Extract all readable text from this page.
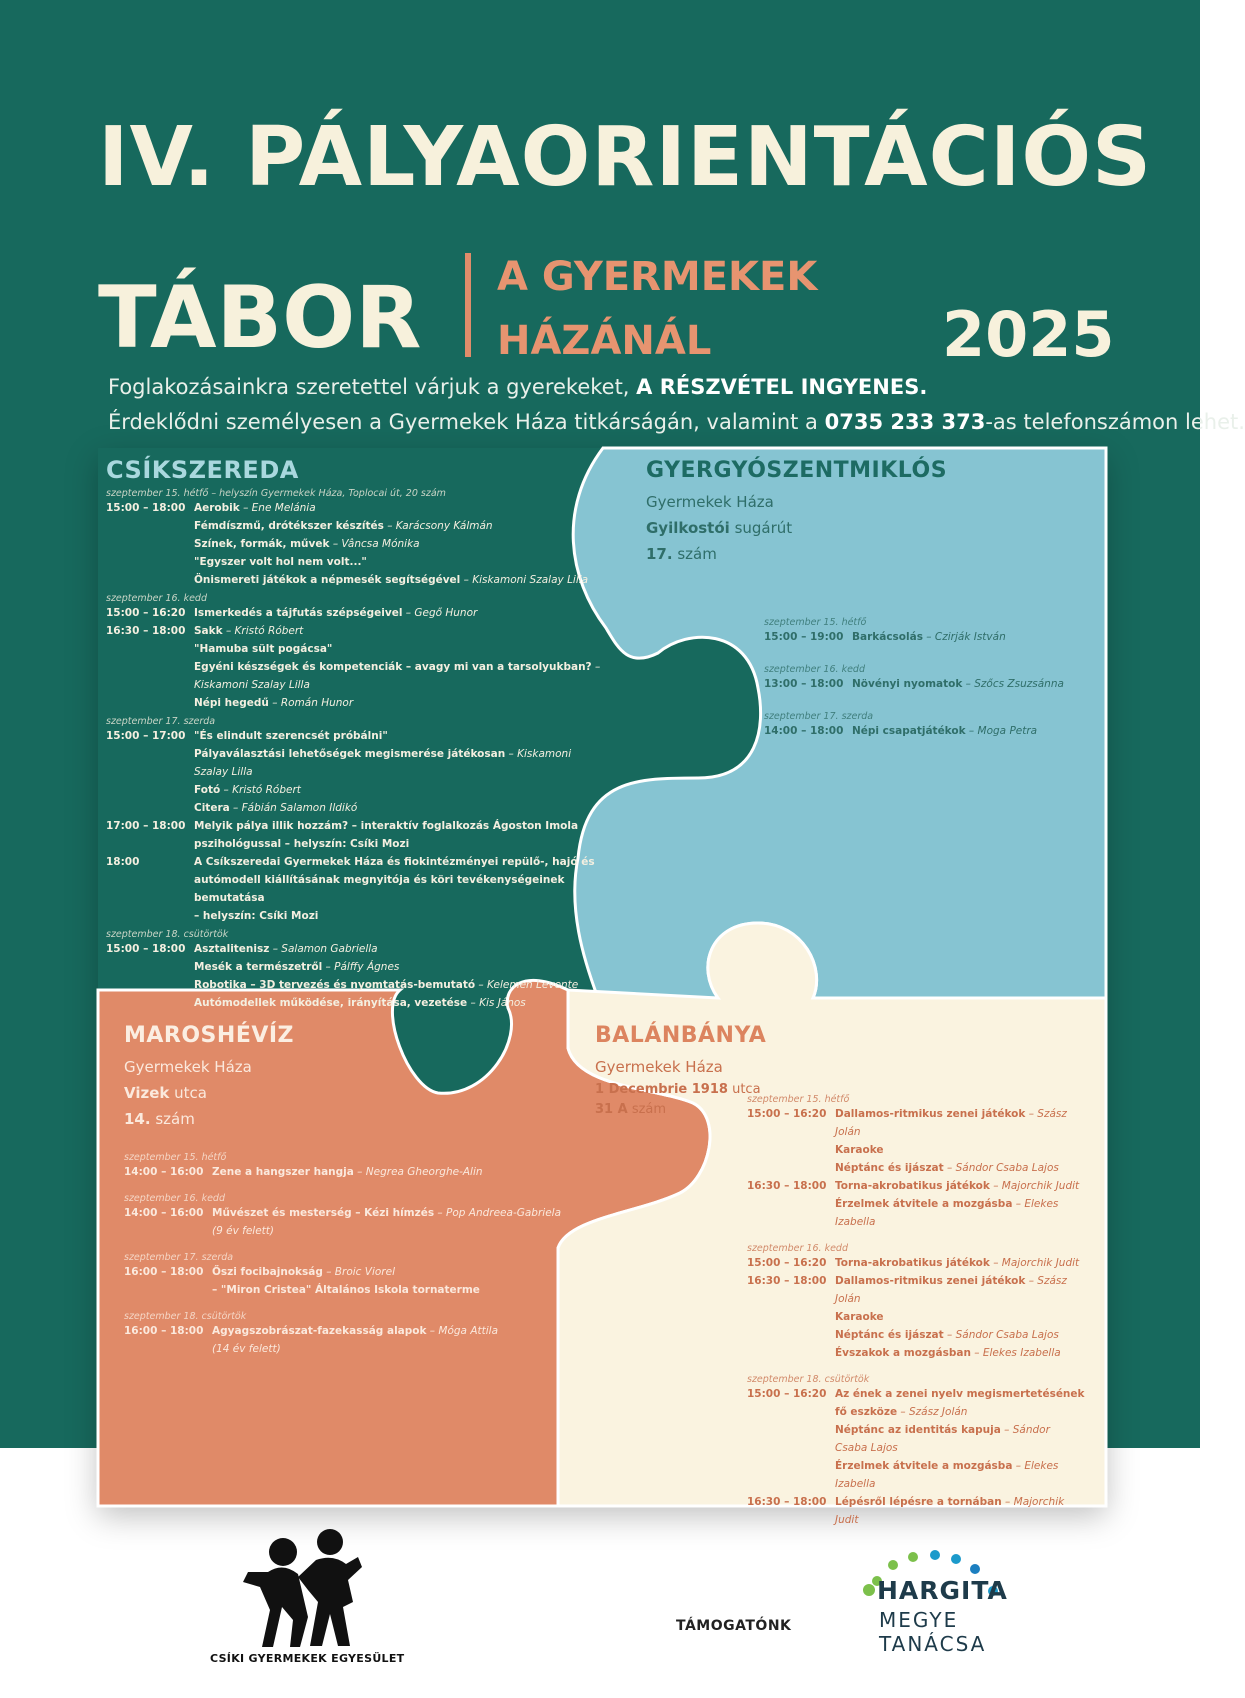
IV. PÁLYAORIENTÁCIÓS
TÁBOR A GYERMEKEK
HÁZÁNÁL	2025
Foglakozásainkra szeretettel várjuk a gyerekeket, A RÉSZVÉTEL INGYENES.
Érdeklődni személyesen a Gyermekek Háza titkárságán, valamint a 0735 233 373-as telefonszámon lehet.
CSÍKSZEREDA
szeptember 15. hétfő – helyszín Gyermekek Háza, Toplocai út, 20 szám
15:00 – 18:00 Aerobik – Ene Melánia
Fémdíszmű, drótékszer készítés – Karácsony Kálmán
Színek, formák, művek – Vâncsa Mónika
"Egyszer volt hol nem volt..."
Önismereti játékok a népmesék segítségével – Kiskamoni Szalay Lilla
szeptember 16. kedd
15:00 – 16:20 Ismerkedés a tájfutás szépségeivel – Gegő Hunor
16:30 – 18:00 Sakk – Kristó Róbert
"Hamuba sült pogácsa"
Egyéni készségek és kompetenciák – avagy mi van a tarsolyukban? – Kiskamoni Szalay Lilla
Népi hegedű – Román Hunor
szeptember 17. szerda
15:00 – 17:00 "És elindult szerencsét próbálni"
Pályaválasztási lehetőségek megismerése játékosan – Kiskamoni Szalay Lilla
Fotó – Kristó Róbert
Citera – Fábián Salamon Ildikó
17:00 – 18:00 Melyik pálya illik hozzám? – interaktív foglalkozás Ágoston Imola
pszihológussal – helyszín: Csíki Mozi
18:00	A Csíkszeredai Gyermekek Háza és fiokintézményei repülő-, hajó és
autómodell kiállításának megnyitója és köri tevékenységeinek bemutatása
– helyszín: Csíki Mozi
szeptember 18. csütörtök
15:00 – 18:00 Asztalitenisz – Salamon Gabriella
Mesék a természetről – Pálffy Ágnes
Robotika – 3D tervezés és nyomtatás-bemutató – Kelemen Levente
Autómodellek működése, irányítása, vezetése – Kis János
GYERGYÓSZENTMIKLÓS
Gyermekek Háza
Gyilkostói sugárút
17. szám
szeptember 15. hétfő
15:00 – 19:00 Barkácsolás – Czirják István
szeptember 16. kedd
13:00 – 18:00 Növényi nyomatok – Szőcs Zsuzsánna
szeptember 17. szerda
14:00 – 18:00 Népi csapatjátékok – Moga Petra
MAROSHÉVÍZ
Gyermekek Háza
Vizek utca
14. szám
szeptember 15. hétfő
14:00 – 16:00 Zene a hangszer hangja – Negrea Gheorghe-Alin
szeptember 16. kedd
14:00 – 16:00 Művészet és mesterség – Kézi hímzés – Pop Andreea-Gabriela
(9 év felett)
szeptember 17. szerda
16:00 – 18:00 Őszi focibajnokság – Broic Viorel
– "Miron Cristea" Általános Iskola tornaterme
szeptember 18. csütörtök
16:00 – 18:00 Agyagszobrászat-fazekasság alapok – Móga Attila
(14 év felett)
BALÁNBÁNYA
Gyermekek Háza
1 Decembrie 1918 utca
31 A szám
szeptember 15. hétfő
15:00 – 16:20 Dallamos-ritmikus zenei játékok – Szász Jolán
Karaoke
Néptánc és ijászat – Sándor Csaba Lajos
16:30 – 18:00 Torna-akrobatikus játékok – Majorchik Judit
Érzelmek átvitele a mozgásba – Elekes Izabella
szeptember 16. kedd
15:00 – 16:20 Torna-akrobatikus játékok – Majorchik Judit
16:30 – 18:00 Dallamos-ritmikus zenei játékok – Szász Jolán
Karaoke
Néptánc és ijászat – Sándor Csaba Lajos
Évszakok a mozgásban – Elekes Izabella
szeptember 18. csütörtök
15:00 – 16:20 Az ének a zenei nyelv megismertetésének
fő eszköze – Szász Jolán
Néptánc az identitás kapuja – Sándor Csaba Lajos
Érzelmek átvitele a mozgásba – Elekes Izabella
16:30 – 18:00 Lépésről lépésre a tornában – Majorchik Judit
CSÍKI GYERMEKEK EGYESÜLET
TÁMOGATÓNK
HARGITA
MEGYE
TANÁCSA
